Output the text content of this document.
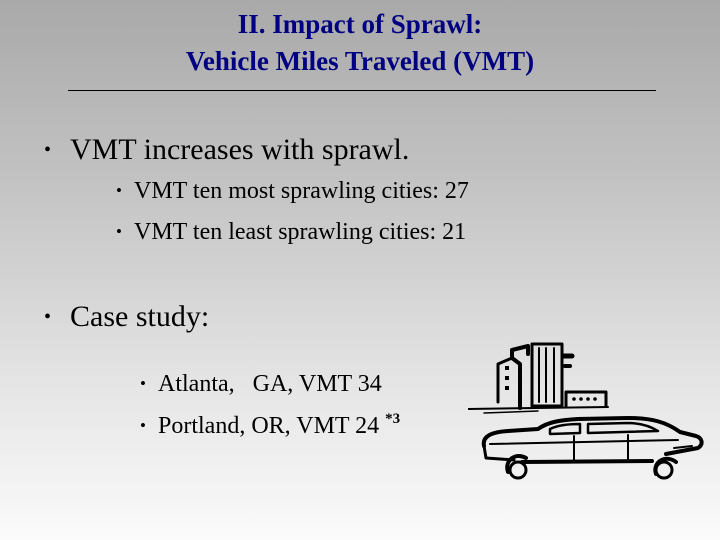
II. Impact of Sprawl:
Vehicle Miles Traveled (VMT)
• VMT increases with sprawl.
• VMT ten most sprawling cities: 27
• VMT ten least sprawling cities: 21
• Case study:

• Atlanta,   GA, VMT 34

• Portland, OR, VMT 24 $^{*3}$
